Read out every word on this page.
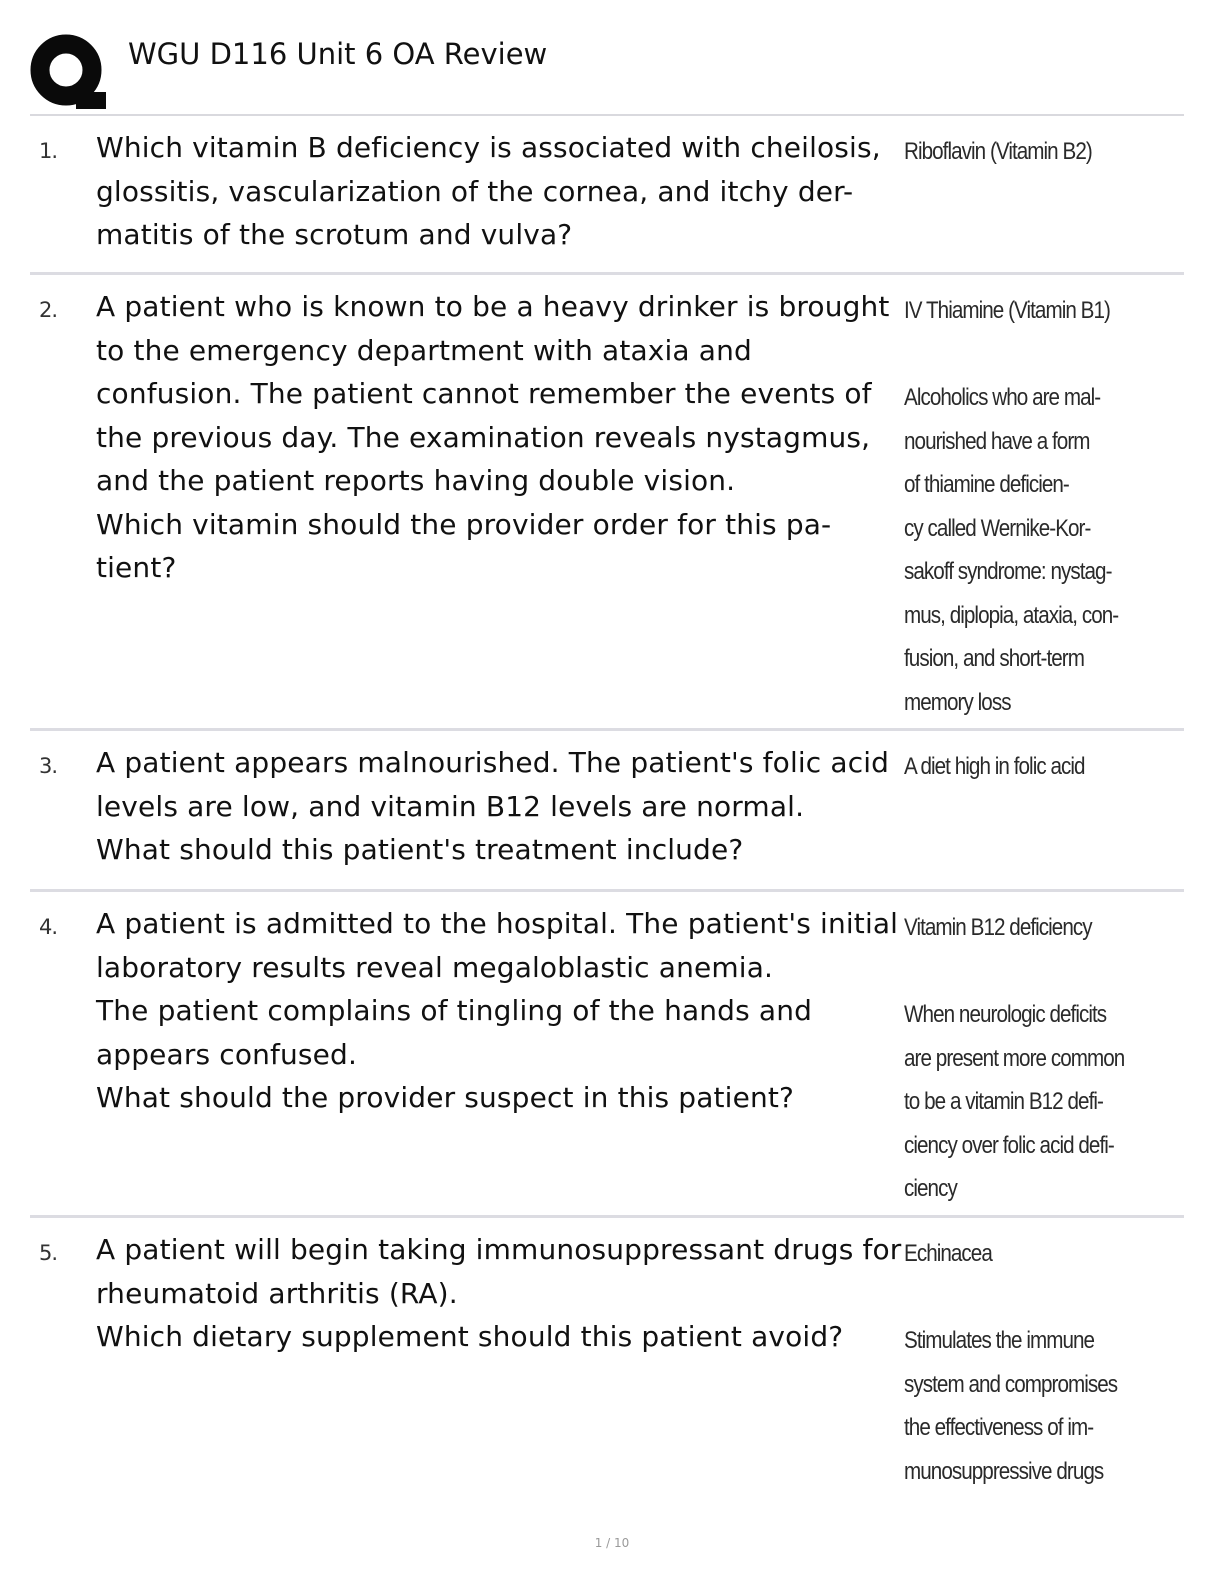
WGU D116 Unit 6 OA Review
1. Which vitamin B deficiency is associated with cheilosis, glossitis, vascularization of the cornea, and itchy der-
matitis of the scrotum and vulva?
Riboflavin (Vitamin B2)
2. A patient who is known to be a heavy drinker is brought to the emergency department with ataxia and confusion. The patient cannot remember the events of the previous day. The examination reveals nystagmus, and the patient reports having double vision.
Which vitamin should the provider order for this pa-
tient?
IV Thiamine (Vitamin B1)

Alcoholics who are mal-
nourished have a form
of thiamine deficien-
cy called Wernike-Kor-
sakoff syndrome: nystag-
mus, diplopia, ataxia, con-
fusion, and short-term
memory loss
3. A patient appears malnourished. The patient's folic acid levels are low, and vitamin B12 levels are normal.
What should this patient's treatment include?
A diet high in folic acid
4. A patient is admitted to the hospital. The patient's initial laboratory results reveal megaloblastic anemia.
The patient complains of tingling of the hands and appears confused.
What should the provider suspect in this patient?
Vitamin B12 deficiency

When neurologic deficits
are present more common
to be a vitamin B12 defi-
ciency over folic acid defi-
ciency
5. A patient will begin taking immunosuppressant drugs for rheumatoid arthritis (RA).
Which dietary supplement should this patient avoid?
Echinacea

Stimulates the immune
system and compromises
the effectiveness of im-
munosuppressive drugs
1 / 10
